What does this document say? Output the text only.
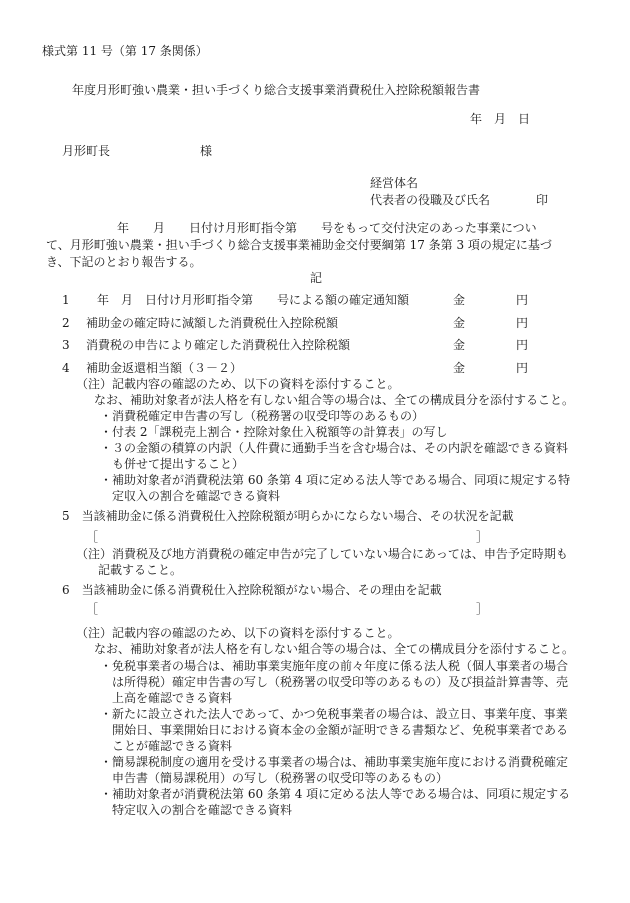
様式第 11 号（第 17 条関係）
年度月形町強い農業・担い手づくり総合支援事業消費税仕入控除税額報告書
年　月　日
月形町長	様
経営体名
代表者の役職及び氏名	印
年　　月　　日付け月形町指令第　　号をもって交付決定のあった事業につい
て、月形町強い農業・担い手づくり総合支援事業補助金交付要綱第 17 条第 3 項の規定に基づ
き、下記のとおり報告する。
記
1 年　月　日付け月形町指令第　　号による額の確定通知額	金	円
2 補助金の確定時に減額した消費税仕入控除税額	金	円
3 消費税の申告により確定した消費税仕入控除税額	金	円
4 補助金返還相当額（３－２）	金	円
（注）記載内容の確認のため、以下の資料を添付すること。
なお、補助対象者が法人格を有しない組合等の場合は、全ての構成員分を添付すること。
・消費税確定申告書の写し（税務署の収受印等のあるもの）
・付表 2「課税売上割合・控除対象仕入税額等の計算表」の写し
・３の金額の積算の内訳（人件費に通勤手当を含む場合は、その内訳を確認できる資料
も併せて提出すること）
・補助対象者が消費税法第 60 条第 4 項に定める法人等である場合、同項に規定する特
定収入の割合を確認できる資料
5　当該補助金に係る消費税仕入控除税額が明らかにならない場合、その状況を記載
［	］
（注）消費税及び地方消費税の確定申告が完了していない場合にあっては、申告予定時期も
記載すること。
6　当該補助金に係る消費税仕入控除税額がない場合、その理由を記載
［	］
（注）記載内容の確認のため、以下の資料を添付すること。
なお、補助対象者が法人格を有しない組合等の場合は、全ての構成員分を添付すること。
・免税事業者の場合は、補助事業実施年度の前々年度に係る法人税（個人事業者の場合
は所得税）確定申告書の写し（税務署の収受印等のあるもの）及び損益計算書等、売
上高を確認できる資料
・新たに設立された法人であって、かつ免税事業者の場合は、設立日、事業年度、事業
開始日、事業開始日における資本金の金額が証明できる書類など、免税事業者である
ことが確認できる資料
・簡易課税制度の適用を受ける事業者の場合は、補助事業実施年度における消費税確定
申告書（簡易課税用）の写し（税務署の収受印等のあるもの）
・補助対象者が消費税法第 60 条第 4 項に定める法人等である場合は、同項に規定する
特定収入の割合を確認できる資料
